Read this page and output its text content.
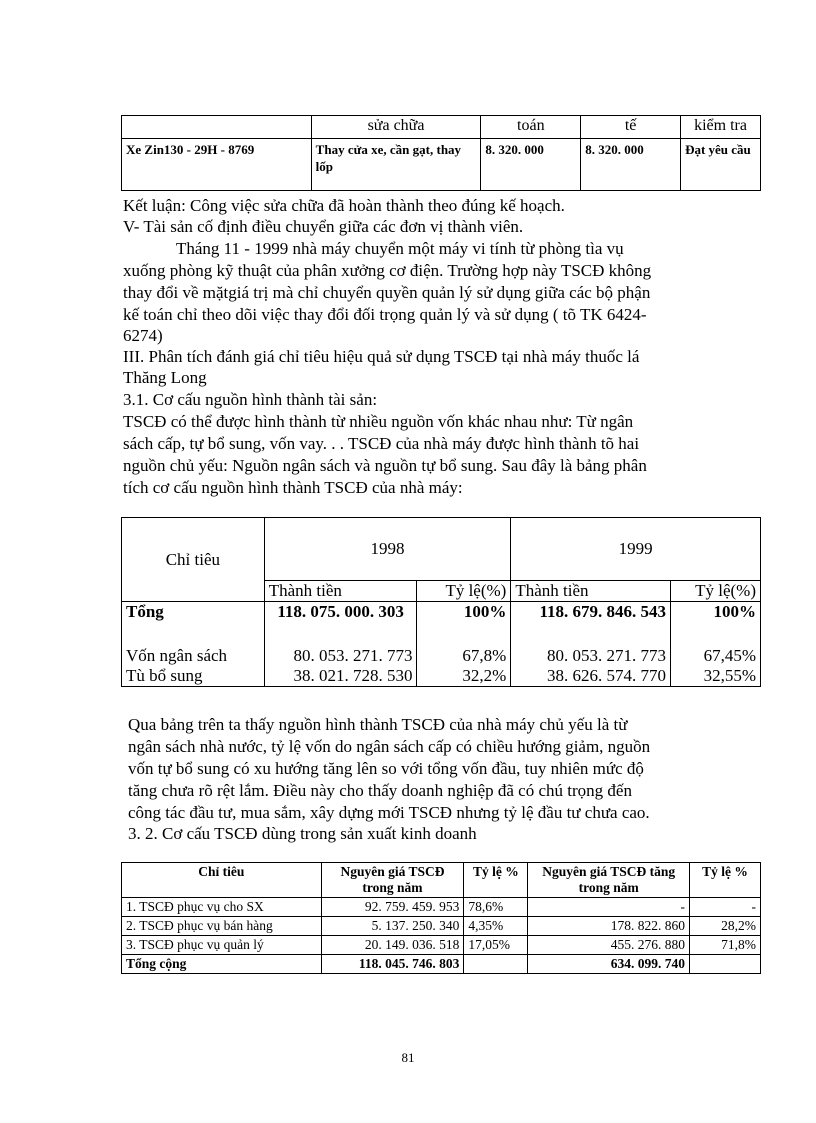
	sửa chữa	toán	tế	kiểm tra
Xe Zin130 - 29H - 8769	Thay cửa xe, cần gạt, thay lốp	8. 320. 000	8. 320. 000	Đạt yêu cầu
Kết luận: Công việc sửa chữa đã hoàn thành theo đúng kế hoạch.
V- Tài sản cố định điều chuyển giữa các đơn vị thành viên.
Tháng 11 - 1999 nhà máy chuyển một máy vi tính từ phòng tìa vụ
xuống phòng kỹ thuật của phân xưởng cơ điện. Trường hợp này TSCĐ không
thay đổi về mặtgiá trị mà chỉ chuyển quyền quản lý sử dụng giữa các bộ phận
kế toán chỉ theo dõi việc thay đổi đối trọng quản lý và sử dụng ( tõ TK 6424-
6274)
III. Phân tích đánh giá chỉ tiêu hiệu quả sử dụng TSCĐ tại nhà máy thuốc lá
Thăng Long
3.1. Cơ cấu nguồn hình thành tài sản:
TSCĐ có thể được hình thành từ nhiều nguồn vốn khác nhau như: Từ ngân
sách cấp, tự bổ sung, vốn vay. . . TSCĐ của nhà máy được hình thành tõ hai
nguồn chủ yếu: Nguồn ngân sách và nguồn tự bổ sung. Sau đây là bảng phân
tích cơ cấu nguồn hình thành TSCĐ của nhà máy:
Chỉ tiêu	1998		1999	
	Thành tiền	Tỷ lệ(%)	Thành tiền	Tỷ lệ(%)
Tổng	118. 075. 000. 303	100%	118. 679. 846. 543	100%
Vốn ngân sách	80. 053. 271. 773	67,8%	80. 053. 271. 773	67,45%
Tù bổ sung	38. 021. 728. 530	32,2%	38. 626. 574. 770	32,55%
Qua bảng trên ta thấy nguồn hình thành TSCĐ của nhà máy chủ yếu là từ
ngân sách nhà nước, tỷ lệ vốn do ngân sách cấp có chiều hướng giảm, nguồn
vốn tự bổ sung có xu hướng tăng lên so với tổng vốn đầu, tuy nhiên mức độ
tăng chưa rõ rệt lắm. Điều này cho thấy doanh nghiệp đã có chú trọng đến
công tác đầu tư, mua sắm, xây dựng mới TSCĐ nhưng tỷ lệ đầu tư chưa cao.
3. 2. Cơ cấu TSCĐ dùng trong sản xuất kinh doanh
Chỉ tiêu	Nguyên giá TSCĐ trong năm	Tỷ lệ %	Nguyên giá TSCĐ tăng trong năm	Tỷ lệ %
1. TSCĐ phục vụ cho SX	92. 759. 459. 953	78,6%	-	-
2. TSCĐ phục vụ bán hàng	5. 137. 250. 340	4,35%	178. 822. 860	28,2%
3. TSCĐ phục vụ quản lý	20. 149. 036. 518	17,05%	455. 276. 880	71,8%
Tổng cộng	118. 045. 746. 803		634. 099. 740	
81
